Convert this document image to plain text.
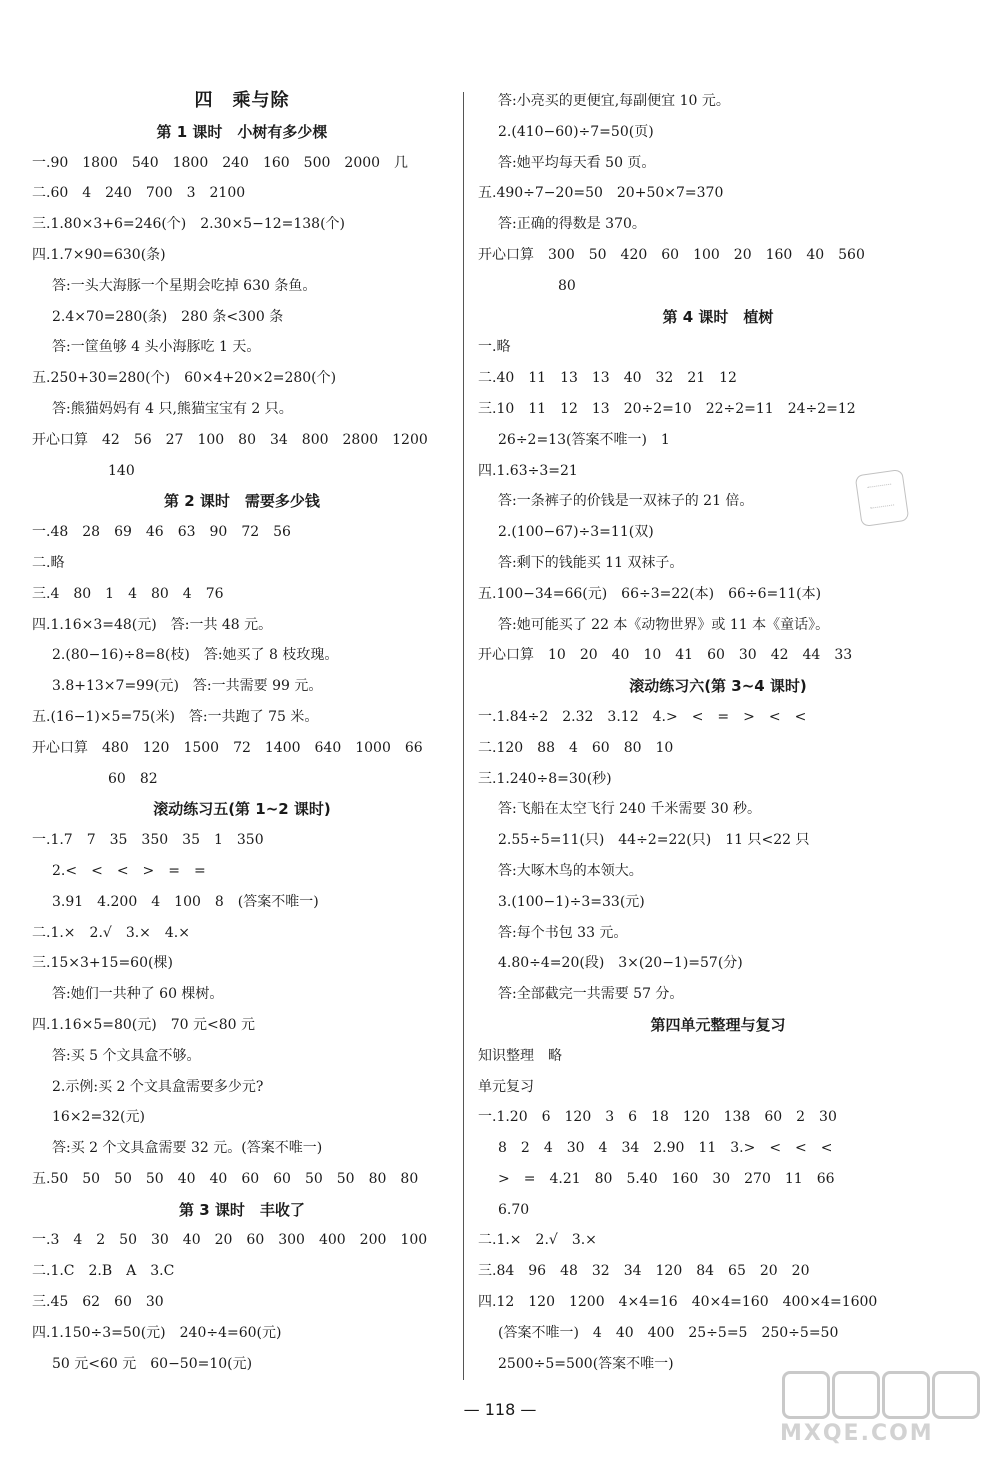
四　乘与除
第 1 课时　小树有多少棵
一.90　1800　540　1800　240　160　500　2000　几
二.60　4　240　700　3　2100
三.1.80×3+6=246(个)　2.30×5−12=138(个)
四.1.7×90=630(条)
答:一头大海豚一个星期会吃掉 630 条鱼。
2.4×70=280(条)　280 条<300 条
答:一筐鱼够 4 头小海豚吃 1 天。
五.250+30=280(个)　60×4+20×2=280(个)
答:熊猫妈妈有 4 只,熊猫宝宝有 2 只。
开心口算　42　56　27　100　80　34　800　2800　1200
140
第 2 课时　需要多少钱
一.48　28　69　46　63　90　72　56
二.略
三.4　80　1　4　80　4　76
四.1.16×3=48(元)　答:一共 48 元。
2.(80−16)÷8=8(枝)　答:她买了 8 枝玫瑰。
3.8+13×7=99(元)　答:一共需要 99 元。
五.(16−1)×5=75(米)　答:一共跑了 75 米。
开心口算　480　120　1500　72　1400　640　1000　66
60　82
滚动练习五(第 1~2 课时)
一.1.7　7　35　350　35　1　350
2.<　<　<　>　=　=
3.91　4.200　4　100　8　(答案不唯一)
二.1.×　2.√　3.×　4.×
三.15×3+15=60(棵)
答:她们一共种了 60 棵树。
四.1.16×5=80(元)　70 元<80 元
答:买 5 个文具盒不够。
2.示例:买 2 个文具盒需要多少元?
16×2=32(元)
答:买 2 个文具盒需要 32 元。(答案不唯一)
五.50　50　50　50　40　40　60　60　50　50　80　80
第 3 课时　丰收了
一.3　4　2　50　30　40　20　60　300　400　200　100
二.1.C　2.B　A　3.C
三.45　62　60　30
四.1.150÷3=50(元)　240÷4=60(元)
50 元<60 元　60−50=10(元)
答:小亮买的更便宜,每副便宜 10 元。
2.(410−60)÷7=50(页)
答:她平均每天看 50 页。
五.490÷7−20=50　20+50×7=370
答:正确的得数是 370。
开心口算　300　50　420　60　100　20　160　40　560
80
第 4 课时　植树
一.略
二.40　11　13　13　40　32　21　12
三.10　11　12　13　20÷2=10　22÷2=11　24÷2=12
26÷2=13(答案不唯一)　1
四.1.63÷3=21
答:一条裤子的价钱是一双袜子的 21 倍。
2.(100−67)÷3=11(双)
答:剩下的钱能买 11 双袜子。
五.100−34=66(元)　66÷3=22(本)　66÷6=11(本)
答:她可能买了 22 本《动物世界》或 11 本《童话》。
开心口算　10　20　40　10　41　60　30　42　44　33
滚动练习六(第 3~4 课时)
一.1.84÷2　2.32　3.12　4.>　<　=　>　<　<
二.120　88　4　60　80　10
三.1.240÷8=30(秒)
答:飞船在太空飞行 240 千米需要 30 秒。
2.55÷5=11(只)　44÷2=22(只)　11 只<22 只
答:大啄木鸟的本领大。
3.(100−1)÷3=33(元)
答:每个书包 33 元。
4.80÷4=20(段)　3×(20−1)=57(分)
答:全部截完一共需要 57 分。
第四单元整理与复习
知识整理　略
单元复习
一.1.20　6　120　3　6　18　120　138　60　2　30
8　2　4　30　4　34　2.90　11　3.>　<　<　<
>　=　4.21　80　5.40　160　30　270　11　66
6.70
二.1.×　2.√　3.×
三.84　96　48　32　34　120　84　65　20　20
四.12　120　1200　4×4=16　40×4=160　400×4=1600
(答案不唯一)　4　40　400　25÷5=5　250÷5=50
2500÷5=500(答案不唯一)
— 118 —
MXQE.COM
